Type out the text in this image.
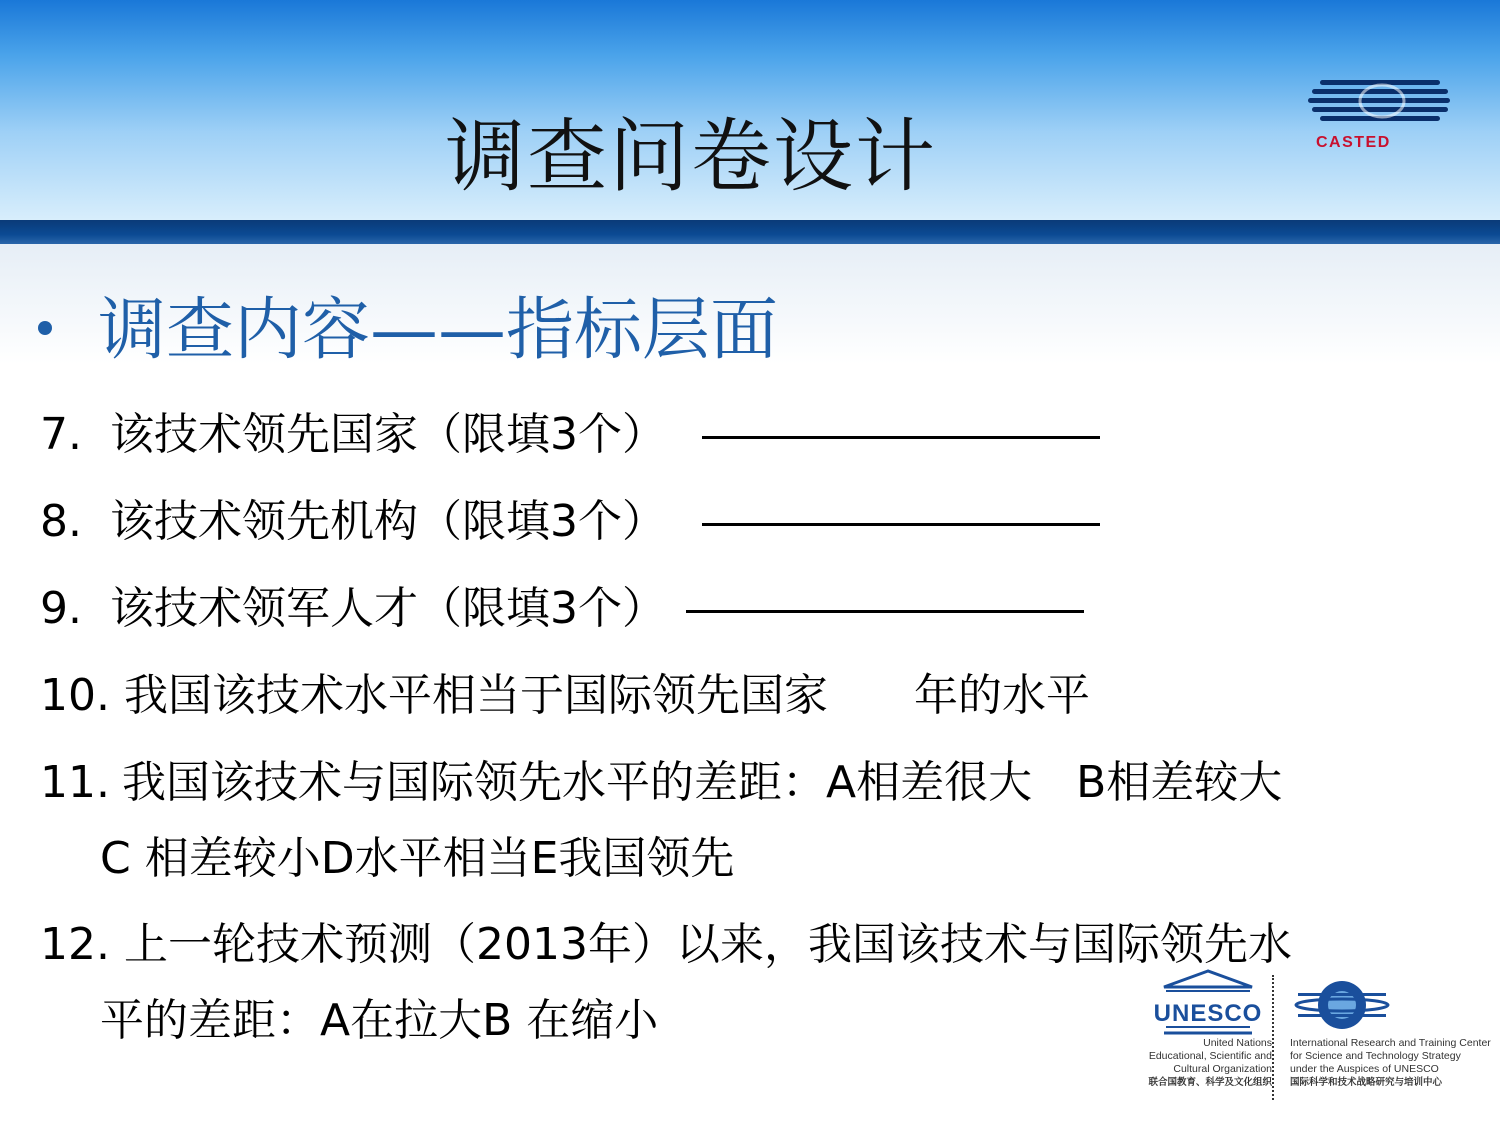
调查问卷设计	CASTED
调查内容——指标层面
7. 该技术领先国家（限填3个）
8. 该技术领先机构（限填3个）
9. 该技术领军人才（限填3个）
10. 我国该技术水平相当于国际领先国家 年的水平
11. 我国该技术与国际领先水平的差距：A相差很大 B相差较大
C 相差较小D水平相当E我国领先
12. 上一轮技术预测（2013年）以来，我国该技术与国际领先水
平的差距：A在拉大B 在缩小	UNESCO
United Nations
Educational, Scientific and
Cultural Organization
联合国教育、科学及文化组织
International Research and Training Center
for Science and Technology Strategy
under the Auspices of UNESCO
国际科学和技术战略研究与培训中心
